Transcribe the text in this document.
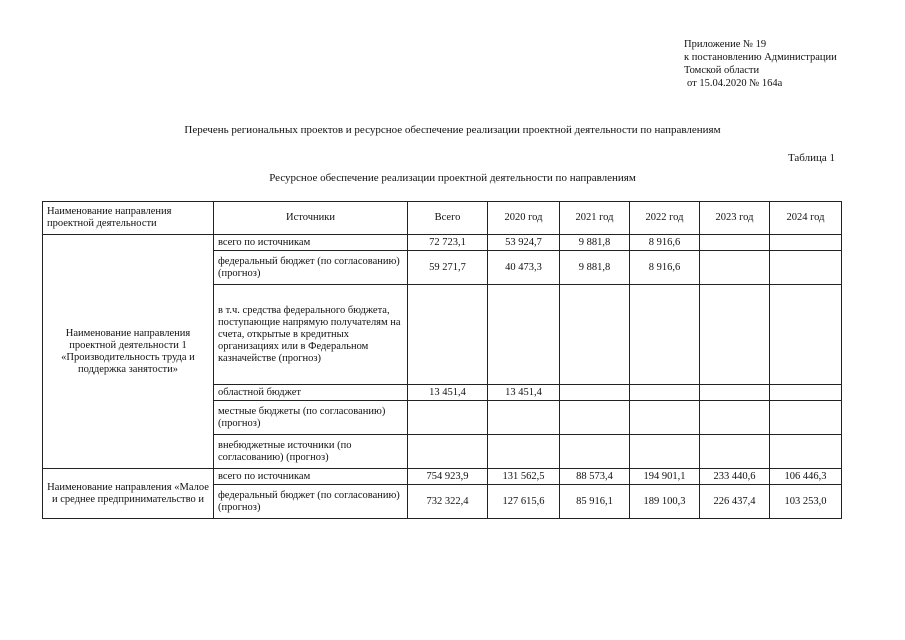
Приложение № 19
к постановлению Администрации
Томской области
от 15.04.2020 № 164а
Перечень региональных проектов и ресурсное обеспечение реализации проектной деятельности по направлениям
Таблица 1
Ресурсное обеспечение реализации проектной деятельности по направлениям
Наименование направления проектной деятельности	Источники	Всего	2020 год	2021 год	2022 год	2023 год	2024 год
Наименование направления проектной деятельности 1 «Производительность труда и поддержка занятости»	всего по источникам	72 723,1	53 924,7	9 881,8	8 916,6		
	федеральный бюджет (по согласованию) (прогноз)	59 271,7	40 473,3	9 881,8	8 916,6		
	в т.ч. средства федерального бюджета, поступающие напрямую получателям на счета, открытые в кредитных организациях или в Федеральном казначействе (прогноз)						
	областной бюджет	13 451,4	13 451,4				
	местные бюджеты (по согласованию) (прогноз)						
	внебюджетные источники (по согласованию) (прогноз)						
Наименование направления «Малое и среднее предпринимательство и	всего по источникам	754 923,9	131 562,5	88 573,4	194 901,1	233 440,6	106 446,3
	федеральный бюджет (по согласованию) (прогноз)	732 322,4	127 615,6	85 916,1	189 100,3	226 437,4	103 253,0
